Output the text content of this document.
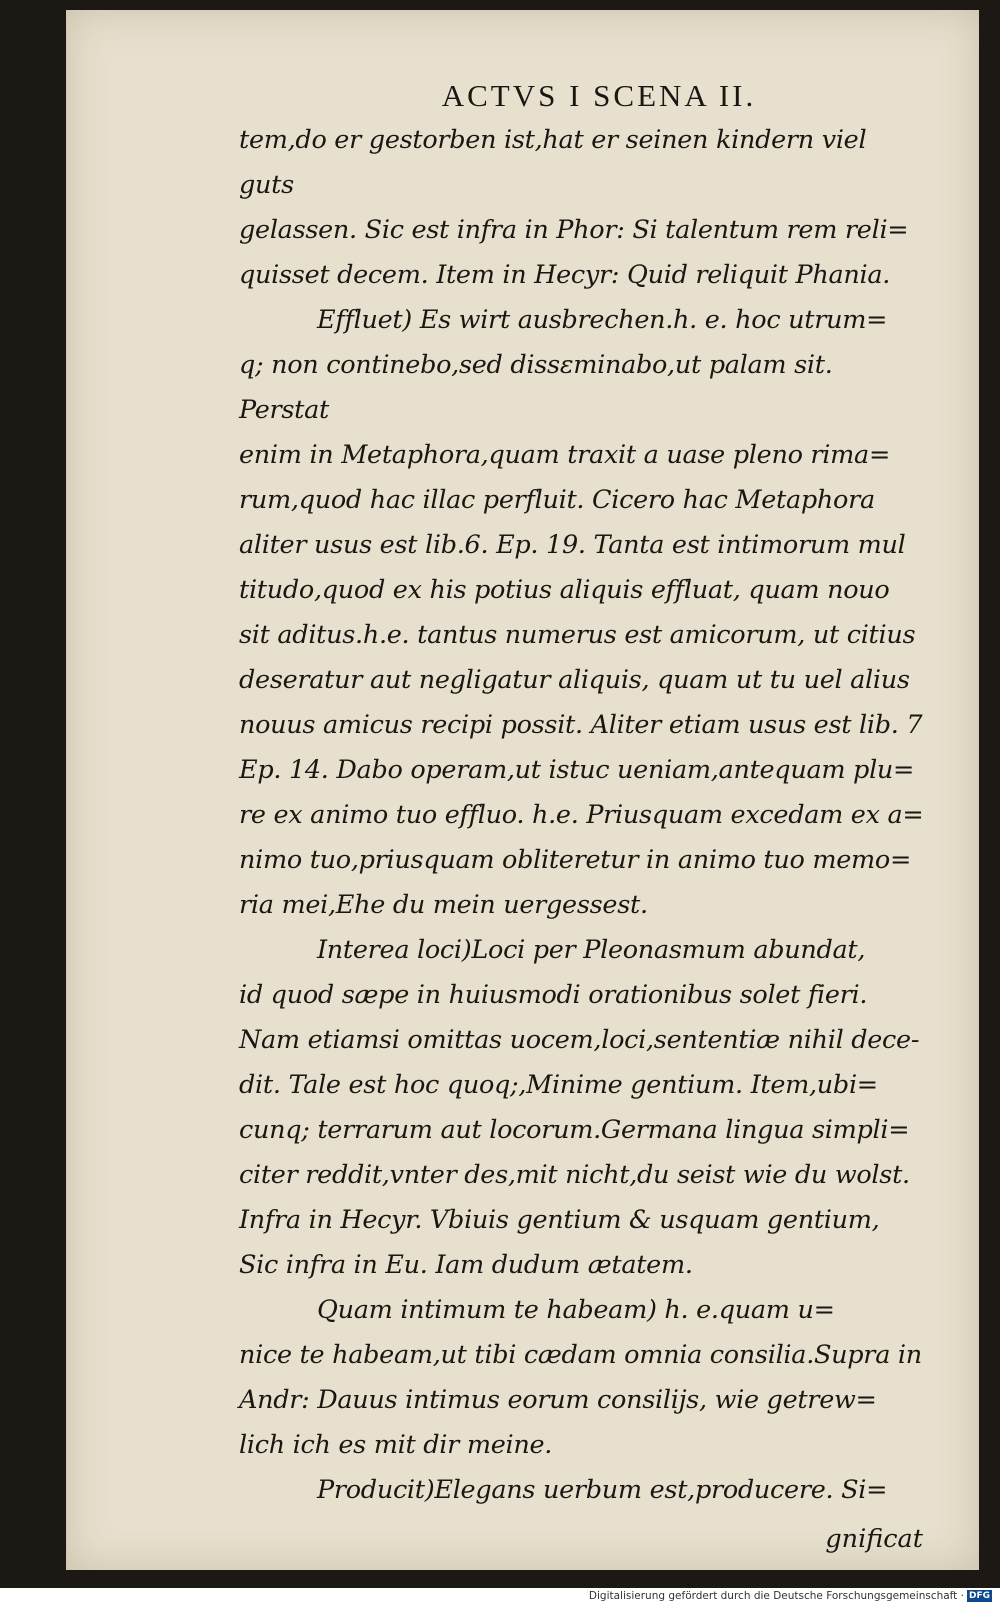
ACTVS I SCENA II.

tem,do er gestorben ist,hat er seinen kindern viel guts

gelassen. Sic est infra in Phor: Si talentum rem reli=

quisset decem. Item in Hecyr: Quid reliquit Phania.

Effluet) Es wirt ausbrechen.h. e. hoc utrum=

q; non continebo,sed dissεminabo,ut palam sit. Perstat

enim in Metaphora,quam traxit a uase pleno rima=

rum,quod hac illac perfluit. Cicero hac Metaphora

aliter usus est lib.6. Ep. 19. Tanta est intimorum mul

titudo,quod ex his potius aliquis effluat, quam nouo

sit aditus.h.e. tantus numerus est amicorum, ut citius

deseratur aut negligatur aliquis, quam ut tu uel alius

nouus amicus recipi possit. Aliter etiam usus est lib. 7

Ep. 14. Dabo operam,ut istuc ueniam,antequam plu=

re ex animo tuo effluo. h.e. Priusquam excedam ex a=

nimo tuo,priusquam obliteretur in animo tuo memo=

ria mei,Ehe du mein uergessest.

Interea loci)Loci per Pleonasmum abundat,

id quod sæpe in huiusmodi orationibus solet fieri.

Nam etiamsi omittas uocem,loci,sententiæ nihil dece-

dit. Tale est hoc quoq;,Minime gentium. Item,ubi=

cunq; terrarum aut locorum.Germana lingua simpli=

citer reddit,vnter des,mit nicht,du seist wie du wolst.

Infra in Hecyr. Vbiuis gentium & usquam gentium,

Sic infra in Eu. Iam dudum ætatem.

Quam intimum te habeam) h. e.quam u=

nice te habeam,ut tibi cædam omnia consilia.Supra in

Andr: Dauus intimus eorum consilijs, wie getrew=

lich ich es mit dir meine.

Producit)Elegans uerbum est,producere. Si=

gnificat
Digitalisierung gefördert durch die Deutsche Forschungsgemeinschaft · DFG
